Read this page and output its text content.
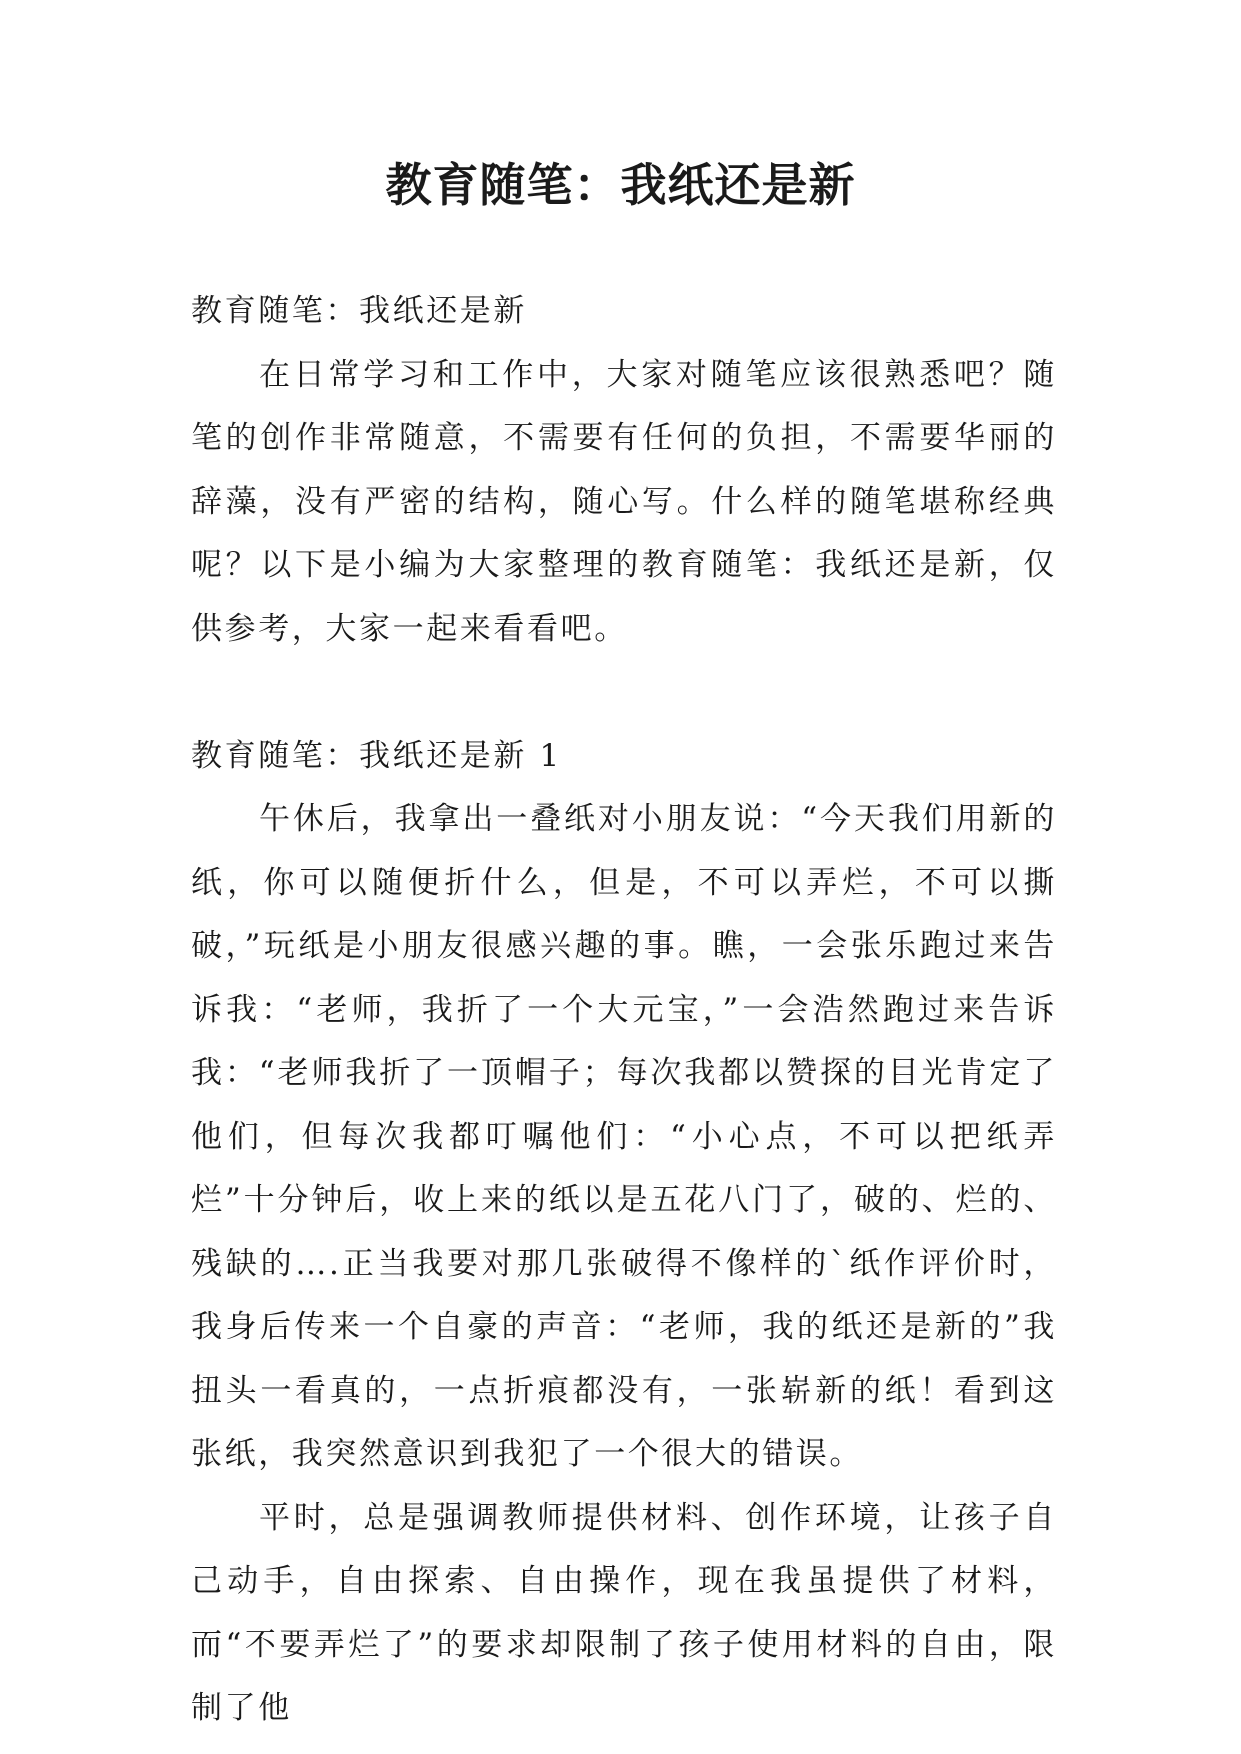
教育随笔：我纸还是新

教育随笔：我纸还是新

在日常学习和工作中，大家对随笔应该很熟悉吧？随笔的创作非常随意，不需要有任何的负担，不需要华丽的辞藻，没有严密的结构，随心写。什么样的随笔堪称经典呢？以下是小编为大家整理的教育随笔：我纸还是新，仅供参考，大家一起来看看吧。

教育随笔：我纸还是新 1

午休后，我拿出一叠纸对小朋友说：“今天我们用新的纸，你可以随便折什么，但是，不可以弄烂，不可以撕破，”玩纸是小朋友很感兴趣的事。瞧，一会张乐跑过来告诉我：“老师，我折了一个大元宝，”一会浩然跑过来告诉我：“老师我折了一顶帽子；每次我都以赞探的目光肯定了他们，但每次我都叮嘱他们：“小心点，不可以把纸弄烂”十分钟后，收上来的纸以是五花八门了，破的、烂的、残缺的….正当我要对那几张破得不像样的`纸作评价时，我身后传来一个自豪的声音：“老师，我的纸还是新的”我扭头一看真的，一点折痕都没有，一张崭新的纸！看到这张纸，我突然意识到我犯了一个很大的错误。

平时，总是强调教师提供材料、创作环境，让孩子自己动手，自由探索、自由操作，现在我虽提供了材料，而“不要弄烂了”的要求却限制了孩子使用材料的自由，限制了他
